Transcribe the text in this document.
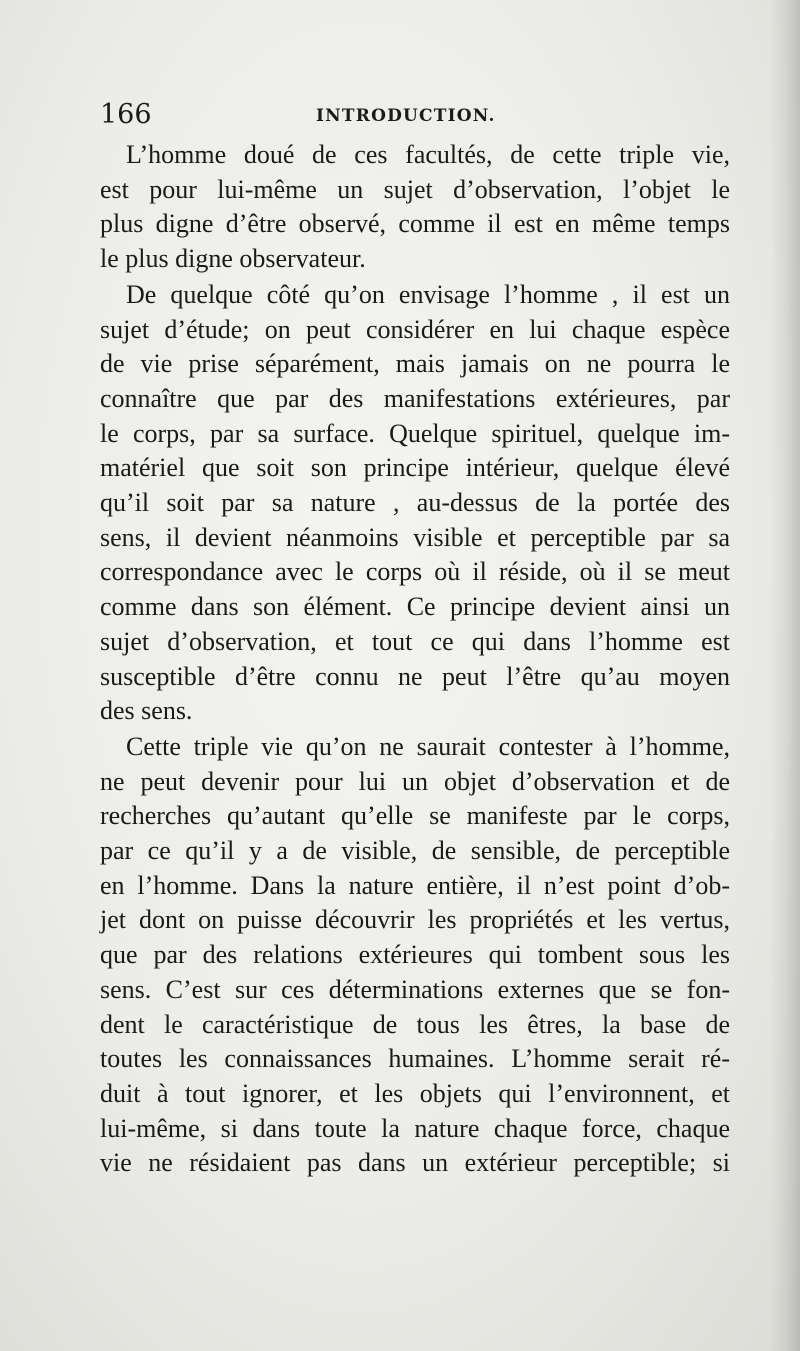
166	INTRODUCTION.

L’homme doué de ces facultés, de cette triple vie,
est pour lui-même un sujet d’observation, l’objet le
plus digne d’être observé, comme il est en même temps
le plus digne observateur.

De quelque côté qu’on envisage l’homme , il est un
sujet d’étude; on peut considérer en lui chaque espèce
de vie prise séparément, mais jamais on ne pourra le
connaître que par des manifestations extérieures, par
le corps, par sa surface. Quelque spirituel, quelque im-
matériel que soit son principe intérieur, quelque élevé
qu’il soit par sa nature , au-dessus de la portée des
sens, il devient néanmoins visible et perceptible par sa
correspondance avec le corps où il réside, où il se meut
comme dans son élément. Ce principe devient ainsi un
sujet d’observation, et tout ce qui dans l’homme est
susceptible d’être connu ne peut l’être qu’au moyen
des sens.

Cette triple vie qu’on ne saurait contester à l’homme,
ne peut devenir pour lui un objet d’observation et de
recherches qu’autant qu’elle se manifeste par le corps,
par ce qu’il y a de visible, de sensible, de perceptible
en l’homme. Dans la nature entière, il n’est point d’ob-
jet dont on puisse découvrir les propriétés et les vertus,
que par des relations extérieures qui tombent sous les
sens. C’est sur ces déterminations externes que se fon-
dent le caractéristique de tous les êtres, la base de
toutes les connaissances humaines. L’homme serait ré-
duit à tout ignorer, et les objets qui l’environnent, et
lui-même, si dans toute la nature chaque force, chaque
vie ne résidaient pas dans un extérieur perceptible; si
